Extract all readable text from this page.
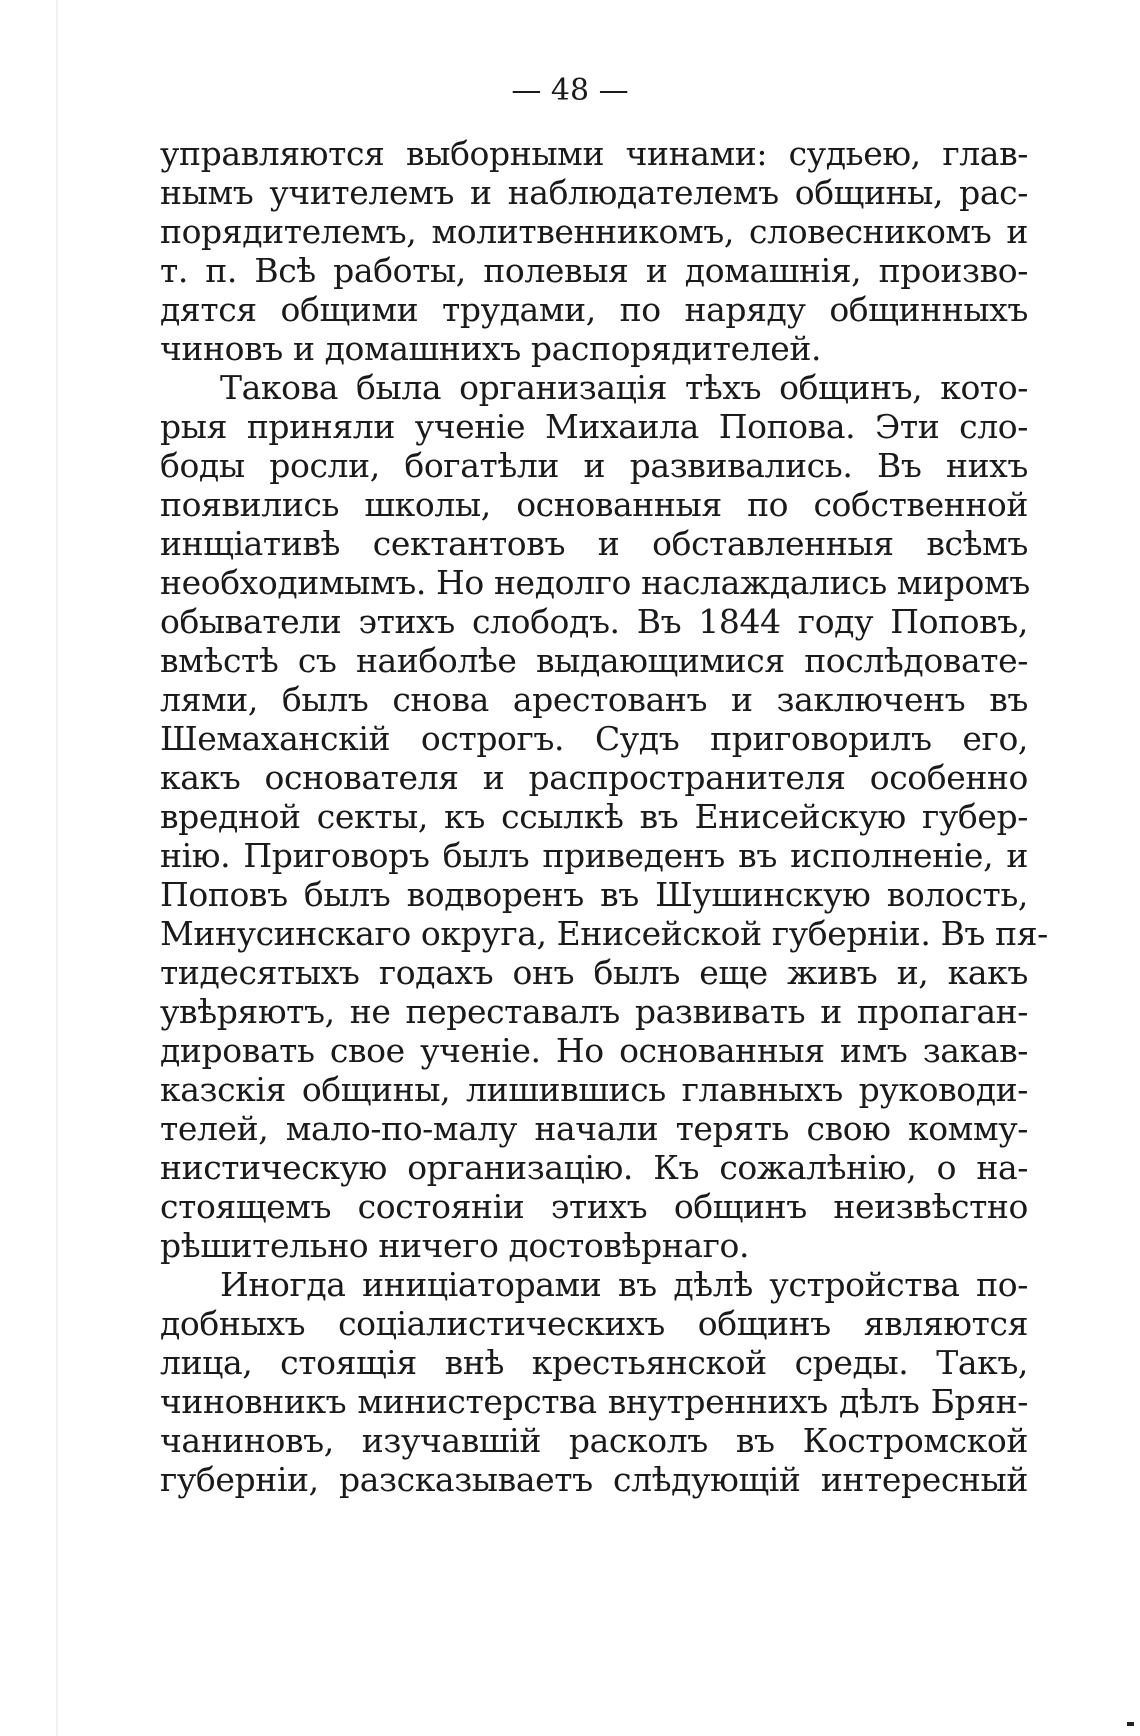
— 48 —
управляются выборными чинами: судьею, глав-
нымъ учителемъ и наблюдателемъ общины, рас-
порядителемъ, молитвенникомъ, словесникомъ и
т. п. Всѣ работы, полевыя и домашнія, произво-
дятся общими трудами, по наряду общинныхъ
чиновъ и домашнихъ распорядителей.
Такова была организація тѣхъ общинъ, кото-
рыя приняли ученіе Михаила Попова. Эти сло-
боды росли, богатѣли и развивались. Въ нихъ
появились школы, основанныя по собственной
инщіативѣ сектантовъ и обставленныя всѣмъ
необходимымъ. Но недолго наслаждались миромъ
обыватели этихъ слободъ. Въ 1844 году Поповъ,
вмѣстѣ съ наиболѣе выдающимися послѣдовате-
лями, былъ снова арестованъ и заключенъ въ
Шемаханскій острогъ. Судъ приговорилъ его,
какъ основателя и распространителя особенно
вредной секты, къ ссылкѣ въ Енисейскую губер-
нію. Приговоръ былъ приведенъ въ исполненіе, и
Поповъ былъ водворенъ въ Шушинскую волость,
Минусинскаго округа, Енисейской губерніи. Въ пя-
тидесятыхъ годахъ онъ былъ еще живъ и, какъ
увѣряютъ, не переставалъ развивать и пропаган-
дировать свое ученіе. Но основанныя имъ закав-
казскія общины, лишившись главныхъ руководи-
телей, мало-по-малу начали терять свою комму-
нистическую организацію. Къ сожалѣнію, о на-
стоящемъ состояніи этихъ общинъ неизвѣстно
рѣшительно ничего достовѣрнаго.
Иногда иниціаторами въ дѣлѣ устройства по-
добныхъ соціалистическихъ общинъ являются
лица, стоящія внѣ крестьянской среды. Такъ,
чиновникъ министерства внутреннихъ дѣлъ Брян-
чаниновъ, изучавшій расколъ въ Костромской
губерніи, разсказываетъ слѣдующій интересный
